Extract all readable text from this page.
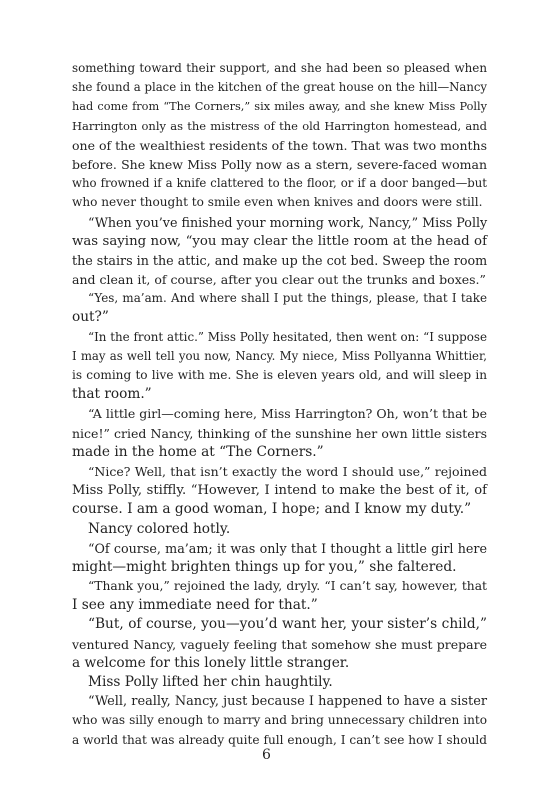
something toward their support, and she had been so pleased when
she found a place in the kitchen of the great house on the hill—Nancy
had come from “The Corners,” six miles away, and she knew Miss Polly
Harrington only as the mistress of the old Harrington homestead, and
one of the wealthiest residents of the town. That was two months
before. She knew Miss Polly now as a stern, severe-faced woman
who frowned if a knife clattered to the floor, or if a door banged—but
who never thought to smile even when knives and doors were still.
“When you’ve finished your morning work, Nancy,” Miss Polly
was saying now, “you may clear the little room at the head of
the stairs in the attic, and make up the cot bed. Sweep the room
and clean it, of course, after you clear out the trunks and boxes.”
“Yes, ma’am. And where shall I put the things, please, that I take
out?”
“In the front attic.” Miss Polly hesitated, then went on: “I suppose
I may as well tell you now, Nancy. My niece, Miss Pollyanna Whittier,
is coming to live with me. She is eleven years old, and will sleep in
that room.”
“A little girl—coming here, Miss Harrington? Oh, won’t that be
nice!” cried Nancy, thinking of the sunshine her own little sisters
made in the home at “The Corners.”
“Nice? Well, that isn’t exactly the word I should use,” rejoined
Miss Polly, stiffly. “However, I intend to make the best of it, of
course. I am a good woman, I hope; and I know my duty.”
Nancy colored hotly.
“Of course, ma’am; it was only that I thought a little girl here
might—might brighten things up for you,” she faltered.
“Thank you,” rejoined the lady, dryly. “I can’t say, however, that
I see any immediate need for that.”
“But, of course, you—you’d want her, your sister’s child,”
ventured Nancy, vaguely feeling that somehow she must prepare
a welcome for this lonely little stranger.
Miss Polly lifted her chin haughtily.
“Well, really, Nancy, just because I happened to have a sister
who was silly enough to marry and bring unnecessary children into
a world that was already quite full enough, I can’t see how I should
6
